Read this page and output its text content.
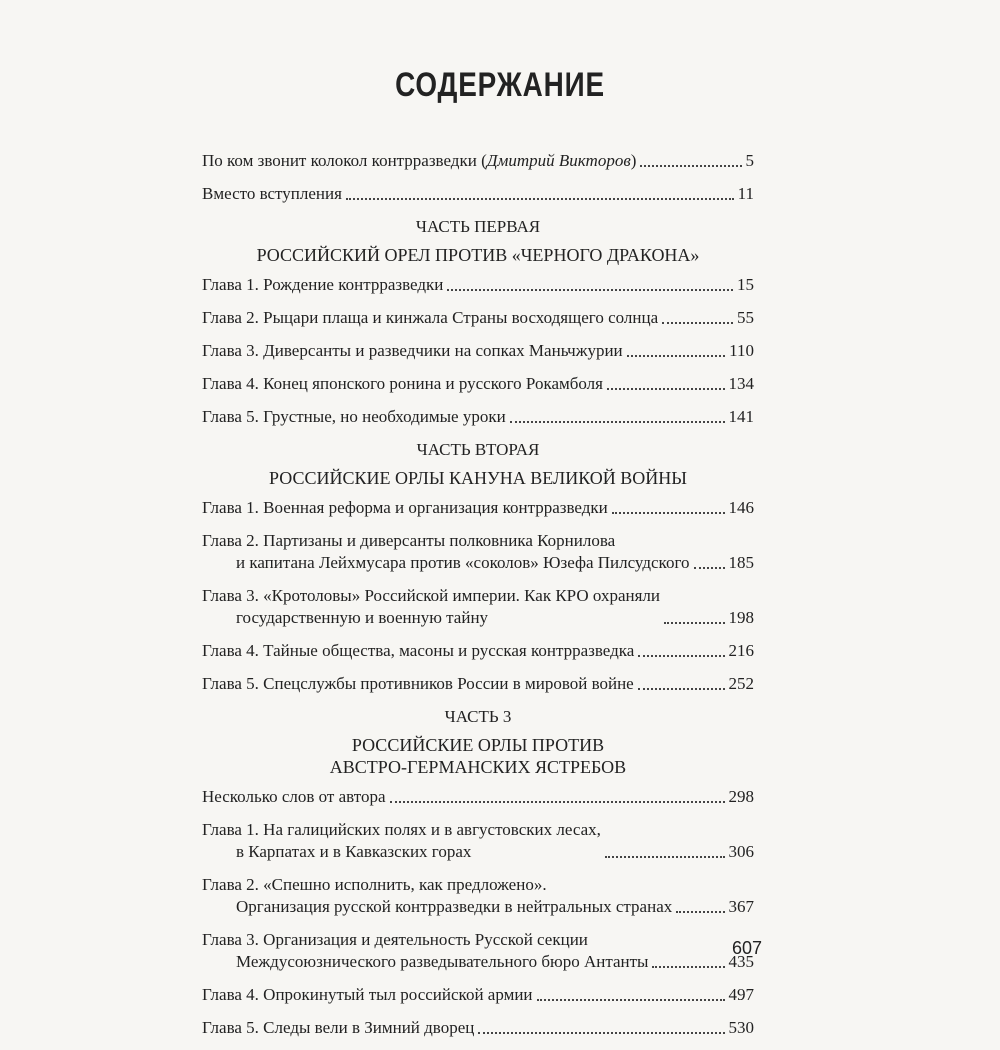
СОДЕРЖАНИЕ
По ком звонит колокол контрразведки (Дмитрий Викторов)	5
Вместо вступления	11
ЧАСТЬ ПЕРВАЯ
РОССИЙСКИЙ ОРЕЛ ПРОТИВ «ЧЕРНОГО ДРАКОНА»
Глава 1. Рождение контрразведки	15
Глава 2. Рыцари плаща и кинжала Страны восходящего солнца	55
Глава 3. Диверсанты и разведчики на сопках Маньчжурии	110
Глава 4. Конец японского ронина и русского Рокамболя	134
Глава 5. Грустные, но необходимые уроки	141
ЧАСТЬ ВТОРАЯ
РОССИЙСКИЕ ОРЛЫ КАНУНА ВЕЛИКОЙ ВОЙНЫ
Глава 1. Военная реформа и организация контрразведки	146
Глава 2. Партизаны и диверсанты полковника Корнилова
и капитана Лейхмусара против «соколов» Юзефа Пилсудского 185
Глава 3. «Кротоловы» Российской империи. Как КРО охраняли
государственную и военную тайну	198
Глава 4. Тайные общества, масоны и русская контрразведка	216
Глава 5. Спецслужбы противников России в мировой войне	252
ЧАСТЬ 3
РОССИЙСКИЕ ОРЛЫ ПРОТИВ
АВСТРО-ГЕРМАНСКИХ ЯСТРЕБОВ
Несколько слов от автора	298
Глава 1. На галицийских полях и в августовских лесах,
в Карпатах и в Кавказских горах	306
Глава 2. «Спешно исполнить, как предложено».
Организация русской контрразведки в нейтральных странах	367
Глава 3. Организация и деятельность Русской секции
Междусоюзнического разведывательного бюро Антанты	435
Глава 4. Опрокинутый тыл российской армии	497
Глава 5. Следы вели в Зимний дворец	530
607
